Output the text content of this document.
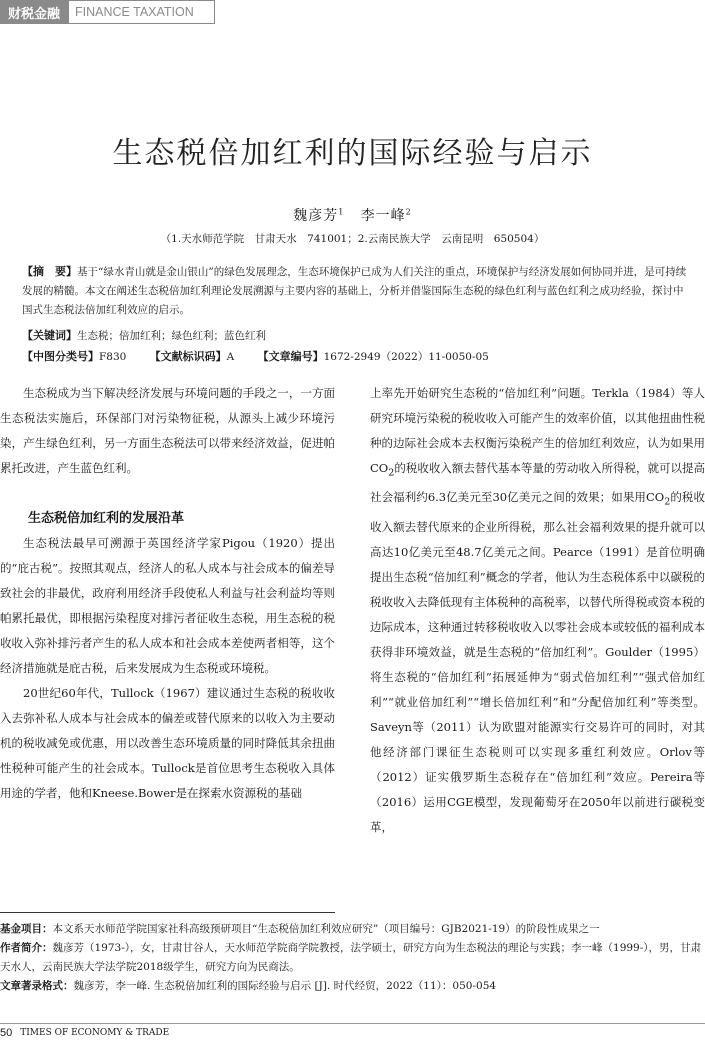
财税金融	FINANCE TAXATION
生态税倍加红利的国际经验与启示
魏彦芳$^1$ 李一峰$^2$
（1.天水师范学院　甘肃天水　741001；2.云南民族大学　云南昆明　650504）
【摘　要】基于“绿水青山就是金山银山”的绿色发展理念，生态环境保护已成为人们关注的重点，环境保护与经济发展如何协同并进，是可持续发展的精髓。本文在阐述生态税倍加红利理论发展溯源与主要内容的基础上，分析并借鉴国际生态税的绿色红利与蓝色红利之成功经验，探讨中国式生态税法倍加红利效应的启示。
【关键词】生态税；倍加红利；绿色红利；蓝色红利
【中图分类号】F830 【文献标识码】A 【文章编号】1672-2949（2022）11-0050-05

生态税成为当下解决经济发展与环境问题的手段之一，一方面生态税法实施后，环保部门对污染物征税，从源头上减少环境污染，产生绿色红利，另一方面生态税法可以带来经济效益，促进帕累托改进，产生蓝色红利。

生态税倍加红利的发展沿革

生态税法最早可溯源于英国经济学家Pigou（1920）提出的“庇古税”。按照其观点，经济人的私人成本与社会成本的偏差导致社会的非最优，政府利用经济手段使私人利益与社会利益均等则帕累托最优，即根据污染程度对排污者征收生态税，用生态税的税收收入弥补排污者产生的私人成本和社会成本差使两者相等，这个经济措施就是庇古税，后来发展成为生态税或环境税。

20世纪60年代，Tullock（1967）建议通过生态税的税收收入去弥补私人成本与社会成本的偏差或替代原来的以收入为主要动机的税收减免或优惠，用以改善生态环境质量的同时降低其余扭曲性税种可能产生的社会成本。Tullock是首位思考生态税收入具体用途的学者，他和Kneese.Bower是在探索水资源税的基础

上率先开始研究生态税的“倍加红利”问题。Terkla（1984）等人研究环境污染税的税收收入可能产生的效率价值，以其他扭曲性税种的边际社会成本去权衡污染税产生的倍加红利效应，认为如果用$CO_2$的税收收入额去替代基本等量的劳动收入所得税，就可以提高社会福利约6.3亿美元至30亿美元之间的效果；如果用$CO_2$的税收收入额去替代原来的企业所得税，那么社会福利效果的提升就可以高达10亿美元至48.7亿美元之间。Pearce（1991）是首位明确提出生态税“倍加红利”概念的学者，他认为生态税体系中以碳税的税收收入去降低现有主体税种的高税率，以替代所得税或资本税的边际成本，这种通过转移税收收入以零社会成本或较低的福利成本获得非环境效益，就是生态税的“倍加红利”。Goulder（1995）将生态税的“倍加红利”拓展延伸为“弱式倍加红利”“强式倍加红利”“就业倍加红利”“增长倍加红利”和“分配倍加红利”等类型。Saveyn等（2011）认为欧盟对能源实行交易许可的同时，对其他经济部门课征生态税则可以实现多重红利效应。Orlov等（2012）证实俄罗斯生态税存在“倍加红利”效应。Pereira等（2016）运用CGE模型，发现葡萄牙在2050年以前进行碳税变革，

基金项目：本文系天水师范学院国家社科高级预研项目“生态税倍加红利效应研究”（项目编号：GJB2021-19）的阶段性成果之一

作者简介：魏彦芳（1973-），女，甘肃甘谷人，天水师范学院商学院教授，法学硕士，研究方向为生态税法的理论与实践；李一峰（1999-），男，甘肃天水人，云南民族大学法学院2018级学生，研究方向为民商法。

文章著录格式：魏彦芳，李一峰. 生态税倍加红利的国际经验与启示 [J]. 时代经贸，2022（11）：050-054

50 TIMES OF ECONOMY & TRADE
